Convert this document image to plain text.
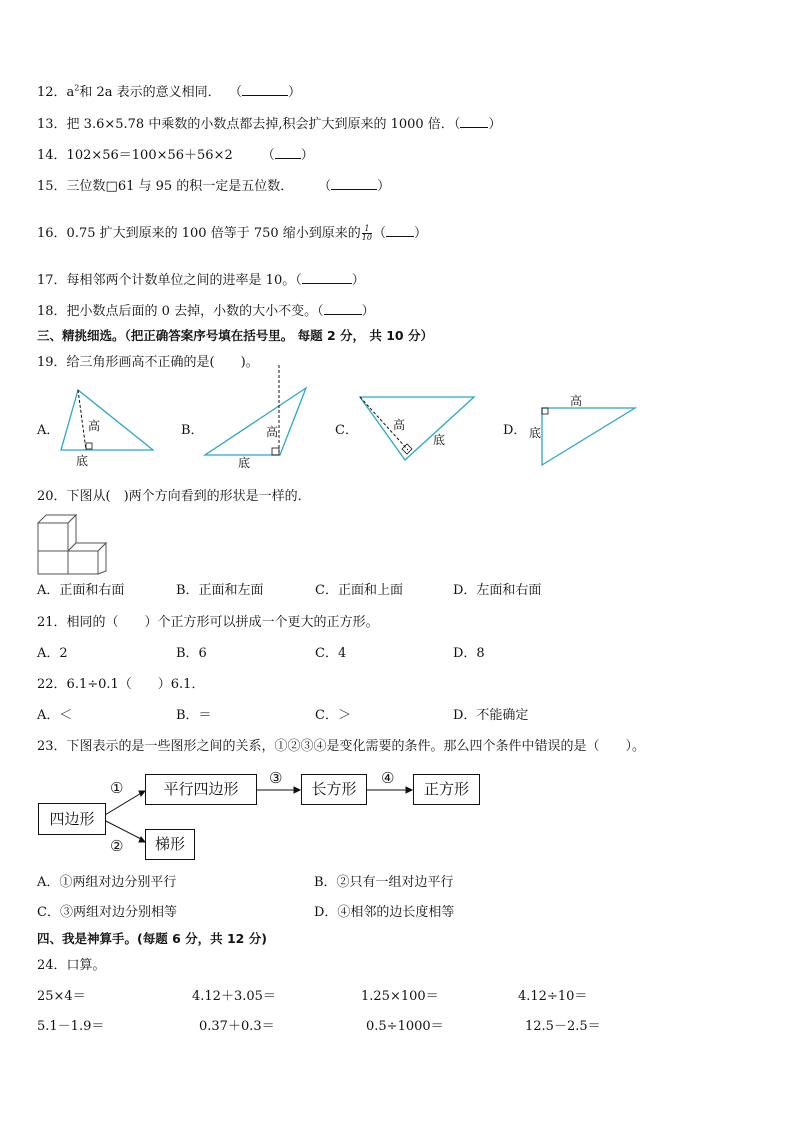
12．$a^2$和 2a 表示的意义相同． （	）
13．把 3.6×5.78 中乘数的小数点都去掉,积会扩大到原来的 1000 倍．（ ）
14．102×56＝100×56＋56×2 （ ）
15．三位数□61 与 95 的积一定是五位数． （	）
16．0.75 扩大到原来的 100 倍等于 750 缩小到原来的 $\frac{1}{10}$ （ ）
17．每相邻两个计数单位之间的进率是 10。（	）
18．把小数点后面的 0 去掉，小数的大小不变。（	）
三、精挑细选。（把正确答案序号填在括号里。 每题 2 分， 共 10 分）
19．给三角形画高不正确的是(　　)。
A．	B．	C．	D．
高
底
高
底
高
底
高
底
20．下图从(　)两个方向看到的形状是一样的．
A．正面和右面	B．正面和左面	C．正面和上面	D．左面和右面
21．相同的（　　）个正方形可以拼成一个更大的正方形。
A．2	B．6	C．4	D．8
22．6.1÷0.1（　　）6.1．
A．＜	B．＝	C．＞	D．不能确定
23．下图表示的是一些图形之间的关系，①②③④是变化需要的条件。那么四个条件中错误的是（　　）。
四边形
平行四边形	长方形	正方形
梯形
①
②
③	④
A．①两组对边分别平行	B．②只有一组对边平行
C．③两组对边分别相等	D．④相邻的边长度相等
四、我是神算手。(每题 6 分，共 12 分)
24．口算。
25×4＝	4.12＋3.05＝	1.25×100＝	4.12÷10＝
5.1－1.9＝	0.37＋0.3＝	0.5÷1000＝	12.5－2.5＝
